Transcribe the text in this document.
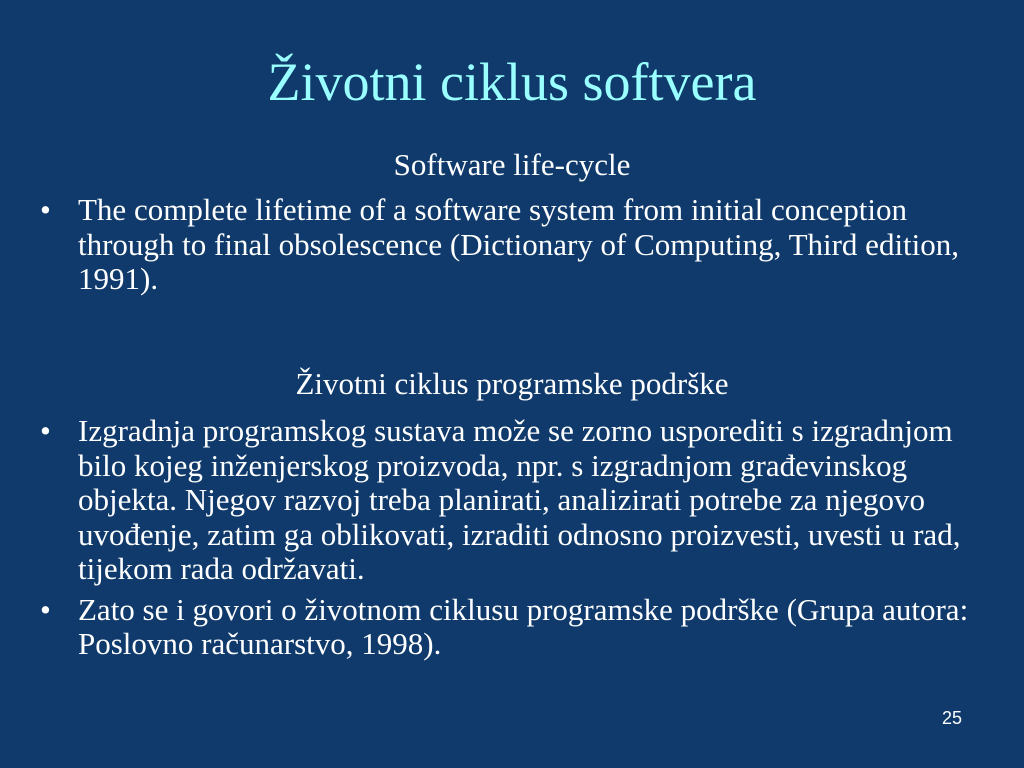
Životni ciklus softvera
Software life-cycle
• The complete lifetime of a software system from initial conception through to final obsolescence (Dictionary of Computing, Third edition, 1991).
Životni ciklus programske podrške
• Izgradnja programskog sustava može se zorno usporediti s izgradnjom bilo kojeg inženjerskog proizvoda, npr. s izgradnjom građevinskog objekta. Njegov razvoj treba planirati, analizirati potrebe za njegovo uvođenje, zatim ga oblikovati, izraditi odnosno proizvesti, uvesti u rad, tijekom rada održavati.
• Zato se i govori o životnom ciklusu programske podrške (Grupa autora: Poslovno računarstvo, 1998).
25
